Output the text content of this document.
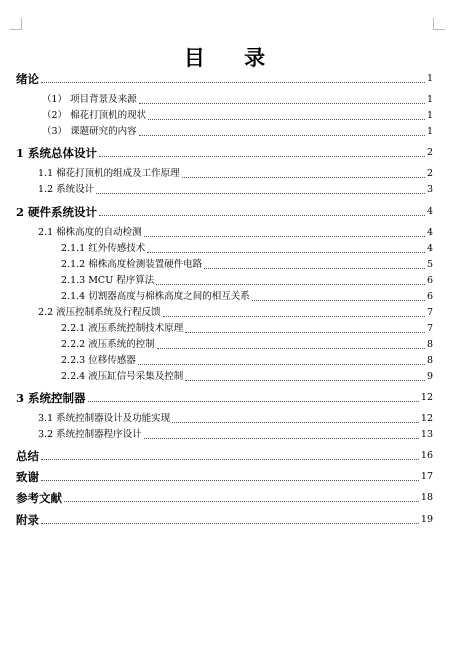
目 录
绪论	1
（1） 项目背景及来源	1
（2） 棉花打顶机的现状	1
（3） 课题研究的内容	1
1 系统总体设计	2
1.1 棉花打顶机的组成及工作原理	2
1.2 系统设计	3
2 硬件系统设计	4
2.1 棉株高度的自动检测	4
2.1.1 红外传感技术	4
2.1.2 棉株高度检测装置硬件电路	5
2.1.3 MCU 程序算法	6
2.1.4 切割器高度与棉株高度之间的相互关系	6
2.2 液压控制系统及行程反馈	7
2.2.1 液压系统控制技术原理	7
2.2.2 液压系统的控制	8
2.2.3 位移传感器	8
2.2.4 液压缸信号采集及控制	9
3 系统控制器	12
3.1 系统控制器设计及功能实现	12
3.2 系统控制器程序设计	13
总结	16
致谢	17
参考文献	18
附录	19
